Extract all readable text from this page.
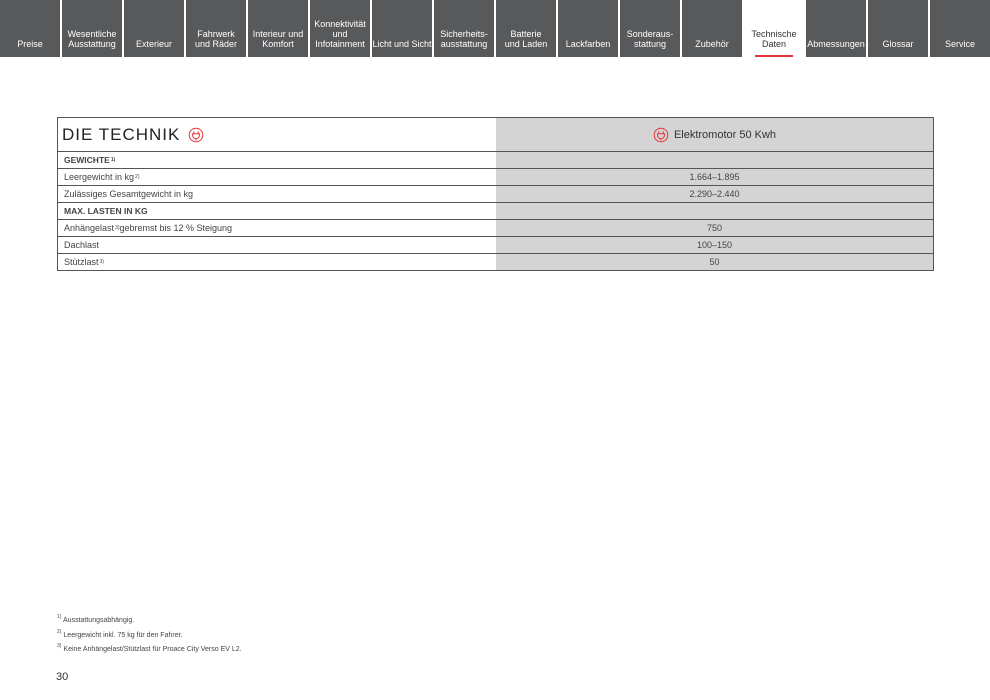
Preise
Wesentliche
Ausstattung Exterieur
Fahrwerk
und Räder
Interieur und
Komfort
Konnektivität
und
Infotainment Licht und Sicht
Sicherheits-
ausstattung
Batterie
und Laden Lackfarben
Sonderaus-
stattung	Zubehör
Technische
Daten	Abmessungen Glossar	Service
DIE TECHNIK	Elektromotor 50 Kwh
GEWICHTE 1)
Leergewicht in kg 2)	1.664–1.895
Zulässiges Gesamtgewicht in kg	2.290–2.440
MAX. LASTEN IN KG
Anhängelast 3) gebremst bis 12 % Steigung	750
Dachlast	100–150
Stützlast 3)	50
$^{1)}$ Ausstattungsabhängig.
$^{2)}$ Leergewicht inkl. 75 kg für den Fahrer.
$^{3)}$ Keine Anhängelast/Stützlast für Proace City Verso EV L2.
30
